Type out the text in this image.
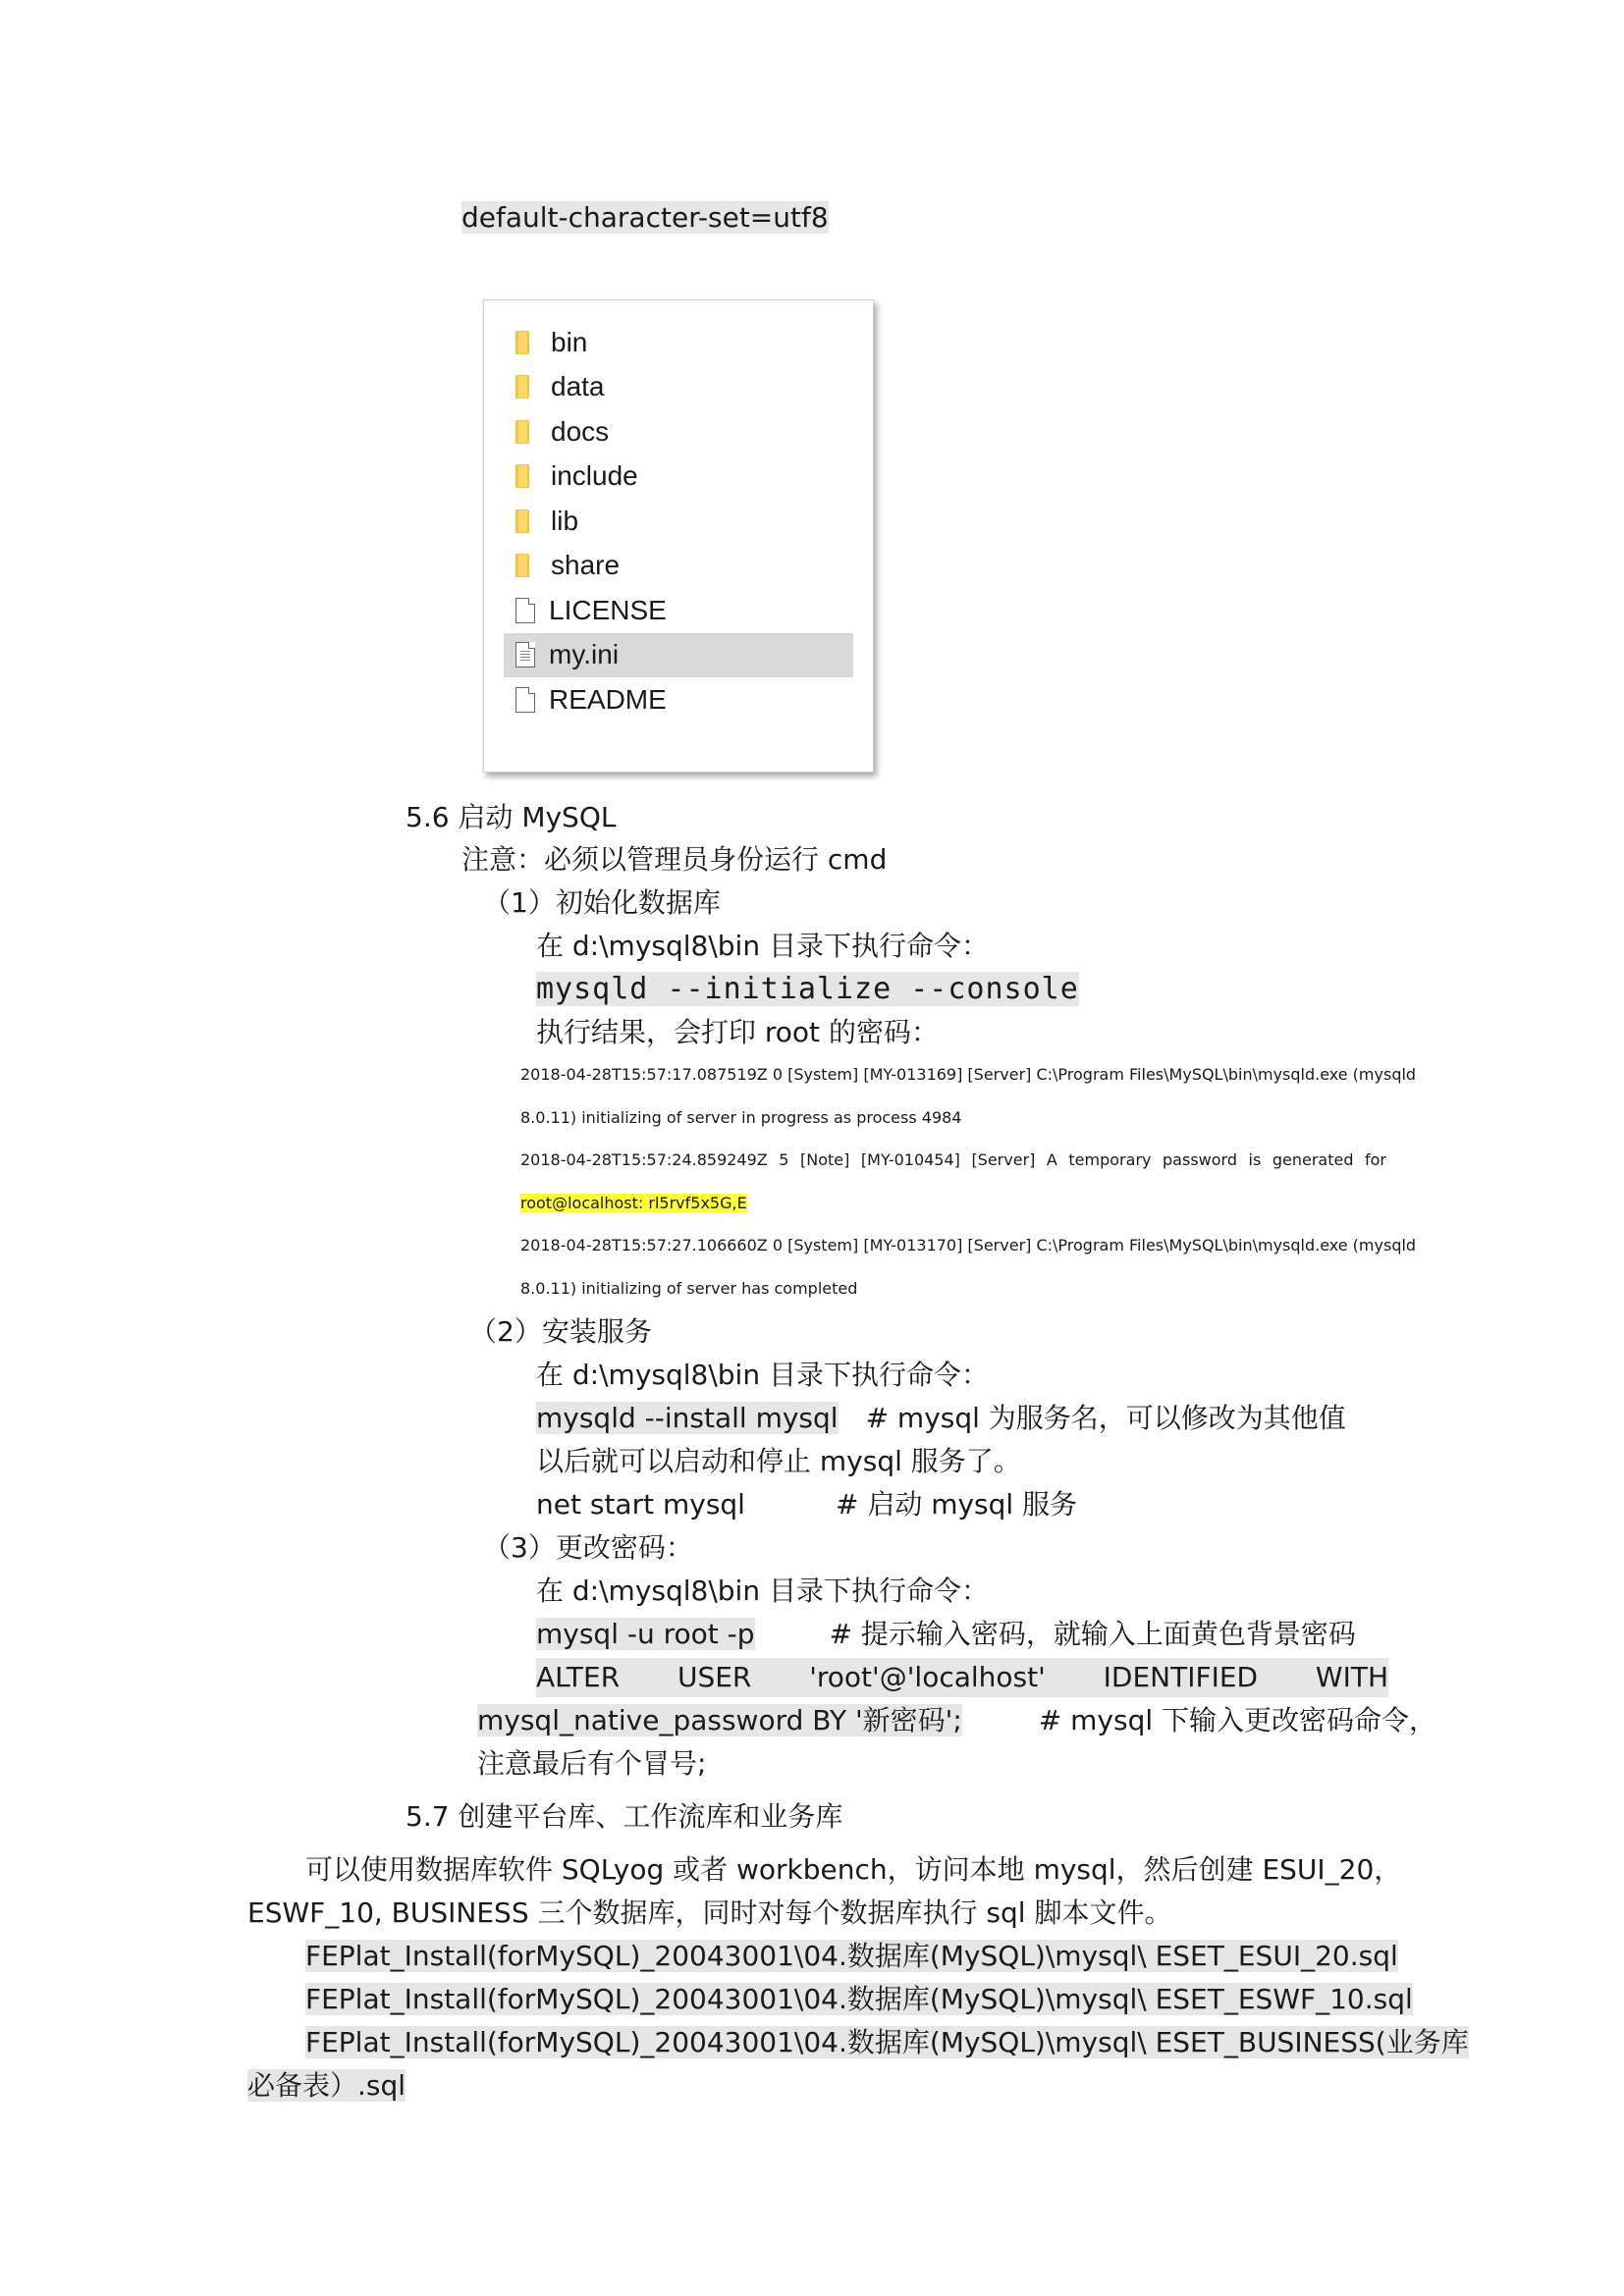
default-character-set=utf8
bin
data
docs
include
lib
share
LICENSE
my.ini
README
5.6 启动 MySQL
注意：必须以管理员身份运行 cmd
（1）初始化数据库
在 d:\mysql8\bin 目录下执行命令：
mysqld --initialize --console
执行结果，会打印 root 的密码：
2018-04-28T15:57:17.087519Z 0 [System] [MY-013169] [Server] C:\Program Files\MySQL\bin\mysqld.exe (mysqld
8.0.11) initializing of server in progress as process 4984
2018-04-28T15:57:24.859249Z 5 [Note] [MY-010454] [Server] A temporary password is generated for
root@localhost: rl5rvf5x5G,E
2018-04-28T15:57:27.106660Z 0 [System] [MY-013170] [Server] C:\Program Files\MySQL\bin\mysqld.exe (mysqld
8.0.11) initializing of server has completed
（2）安装服务
在 d:\mysql8\bin 目录下执行命令：
mysqld --install mysql # mysql 为服务名，可以修改为其他值
以后就可以启动和停止 mysql 服务了。
net start mysql	# 启动 mysql 服务
（3）更改密码：
在 d:\mysql8\bin 目录下执行命令：
mysql -u root -p	# 提示输入密码，就输入上面黄色背景密码
ALTER USER 'root'@'localhost' IDENTIFIED WITH
mysql_native_password BY '新密码';	# mysql 下输入更改密码命令，
注意最后有个冒号;
5.7 创建平台库、工作流库和业务库
可以使用数据库软件 SQLyog 或者 workbench，访问本地 mysql，然后创建 ESUI_20，
ESWF_10, BUSINESS 三个数据库，同时对每个数据库执行 sql 脚本文件。
FEPlat_Install(forMySQL)_20043001\04.数据库(MySQL)\mysql\ ESET_ESUI_20.sql
FEPlat_Install(forMySQL)_20043001\04.数据库(MySQL)\mysql\ ESET_ESWF_10.sql
FEPlat_Install(forMySQL)_20043001\04.数据库(MySQL)\mysql\ ESET_BUSINESS(业务库
必备表）.sql
